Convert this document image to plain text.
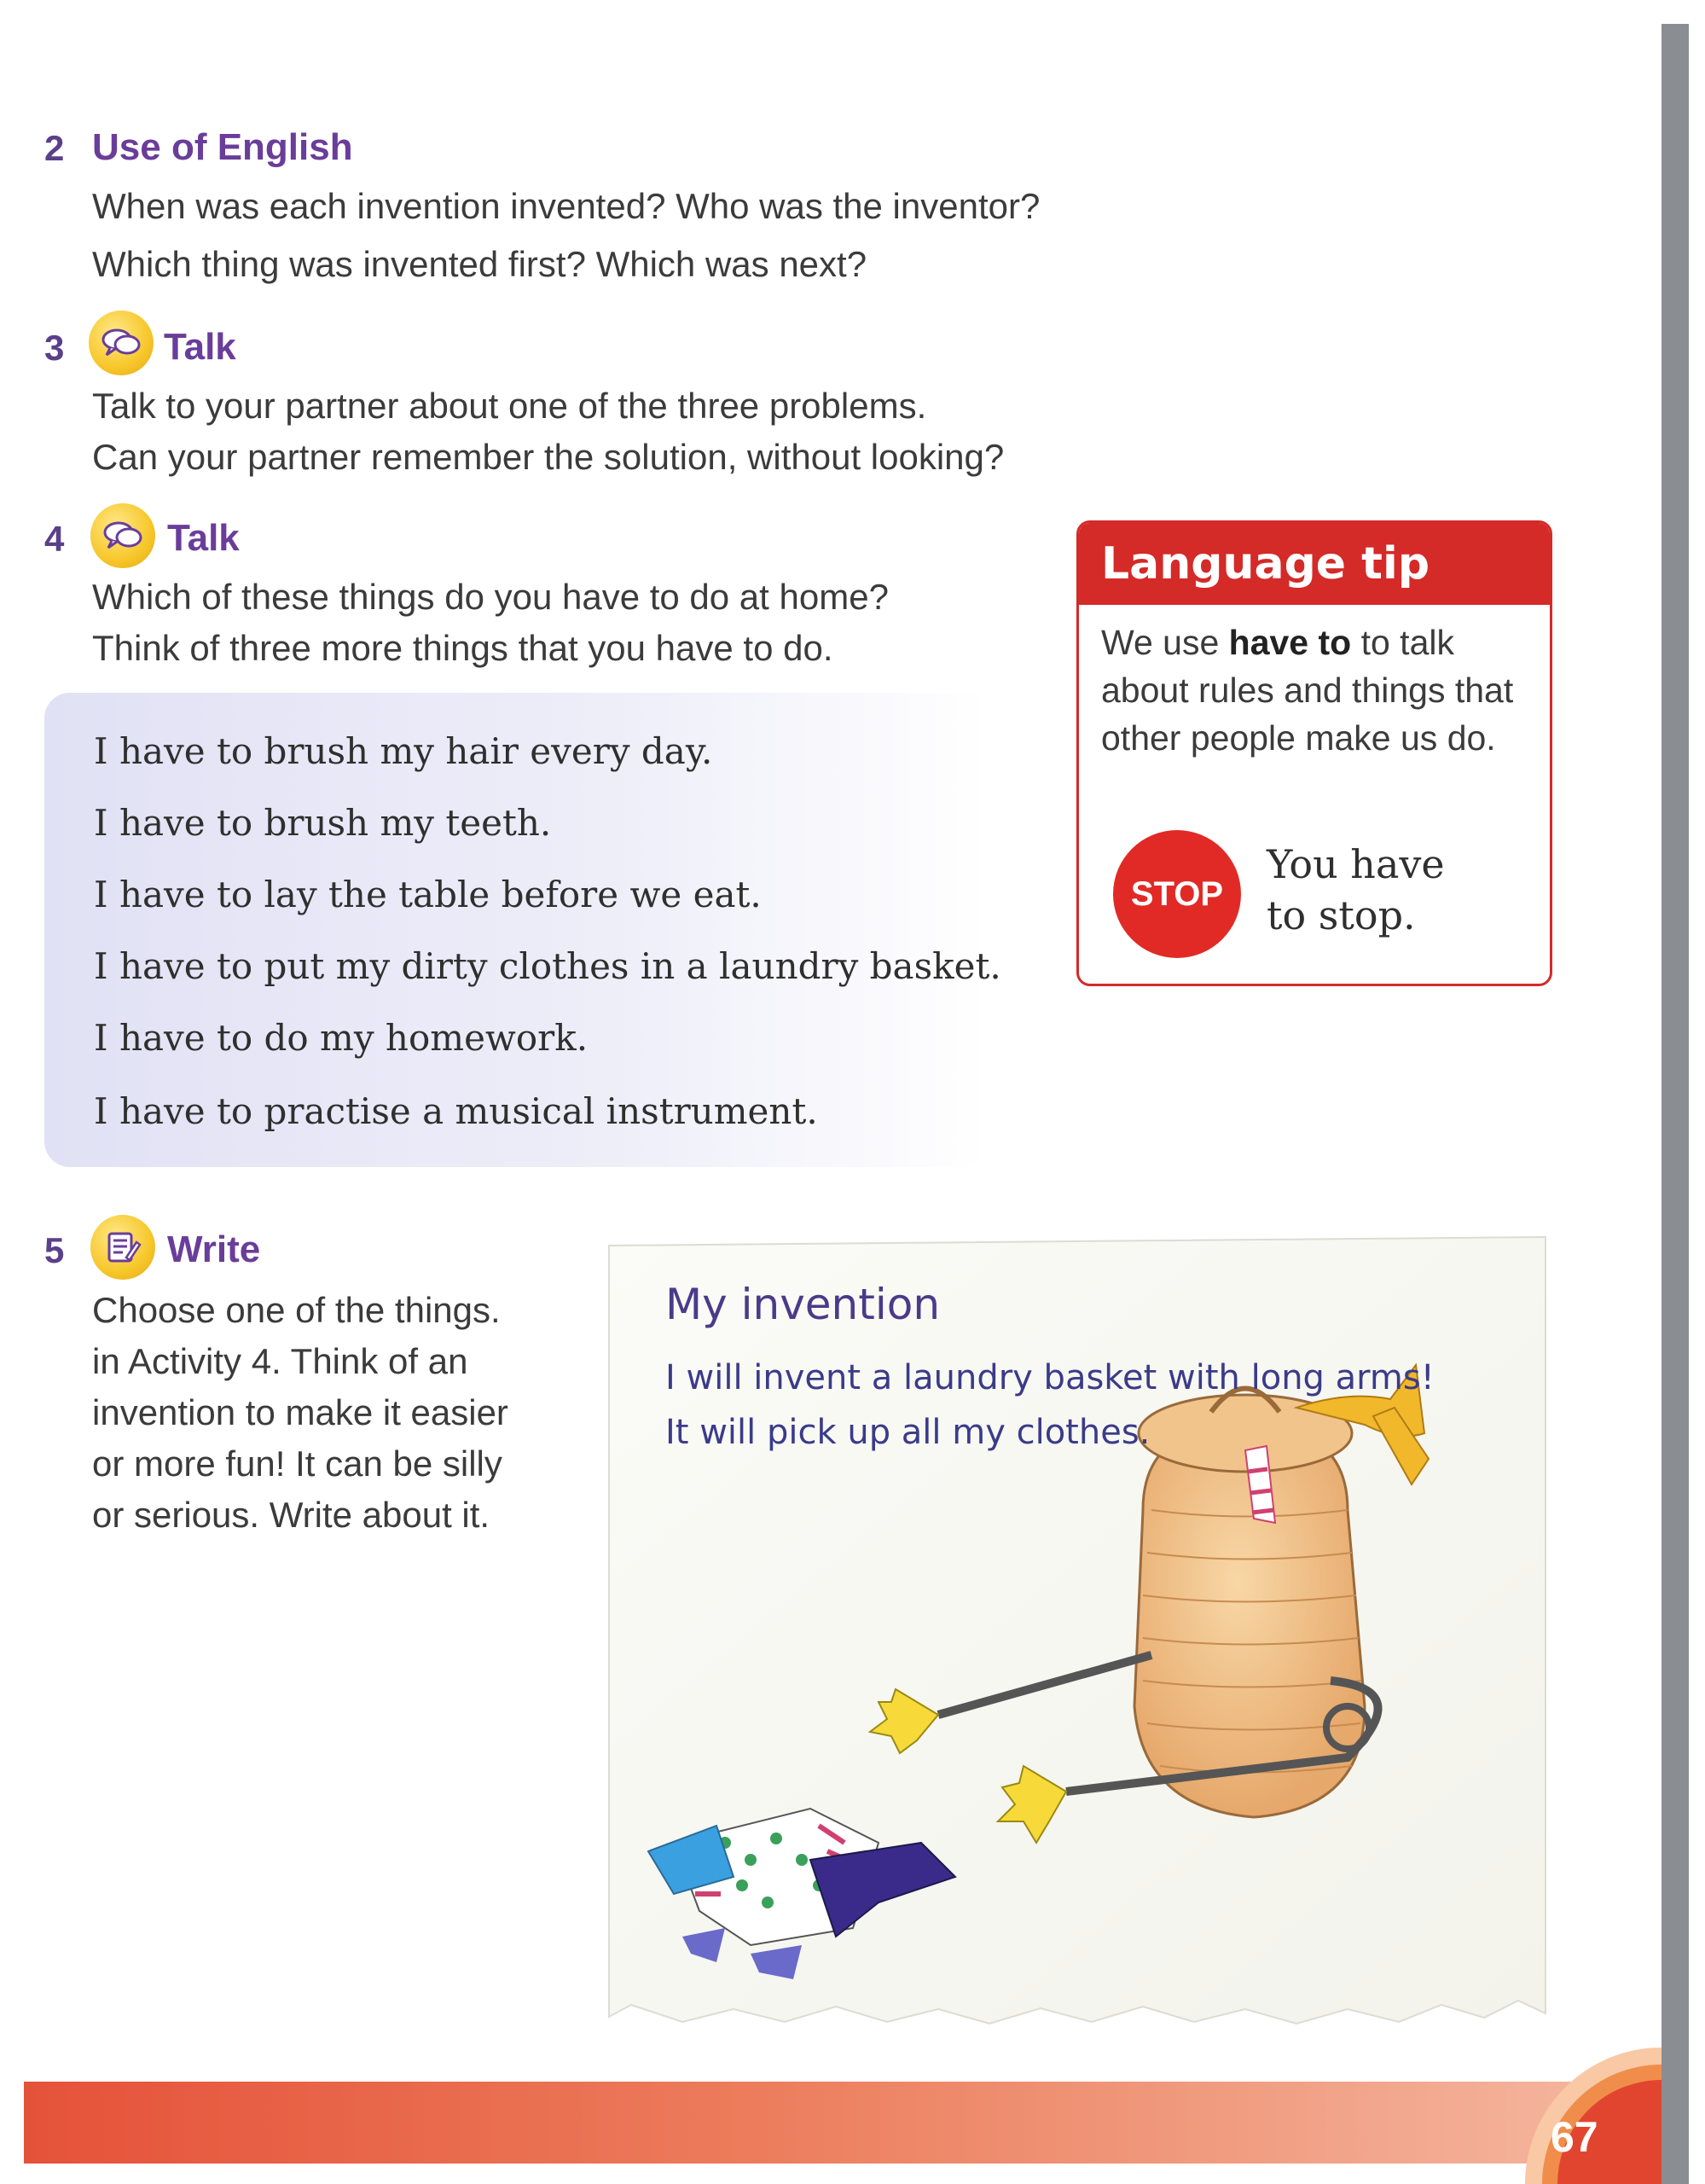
2 Use of English
When was each invention invented? Who was the inventor?
Which thing was invented first? Which was next?
3	Talk
Talk to your partner about one of the three problems.
Can your partner remember the solution, without looking?
4	Talk
Which of these things do you have to do at home?
Think of three more things that you have to do.
I have to brush my hair every day.
I have to brush my teeth.
I have to lay the table before we eat.
I have to put my dirty clothes in a laundry basket.
I have to do my homework.
I have to practise a musical instrument.
Language tip
We use have to to talk about rules and things that other people make us do.
STOP
You have
to stop.
5	Write
Choose one of the things.
in Activity 4. Think of an
invention to make it easier
or more fun! It can be silly
or serious. Write about it.
My invention
I will invent a laundry basket with long arms!
It will pick up all my clothes.
67
